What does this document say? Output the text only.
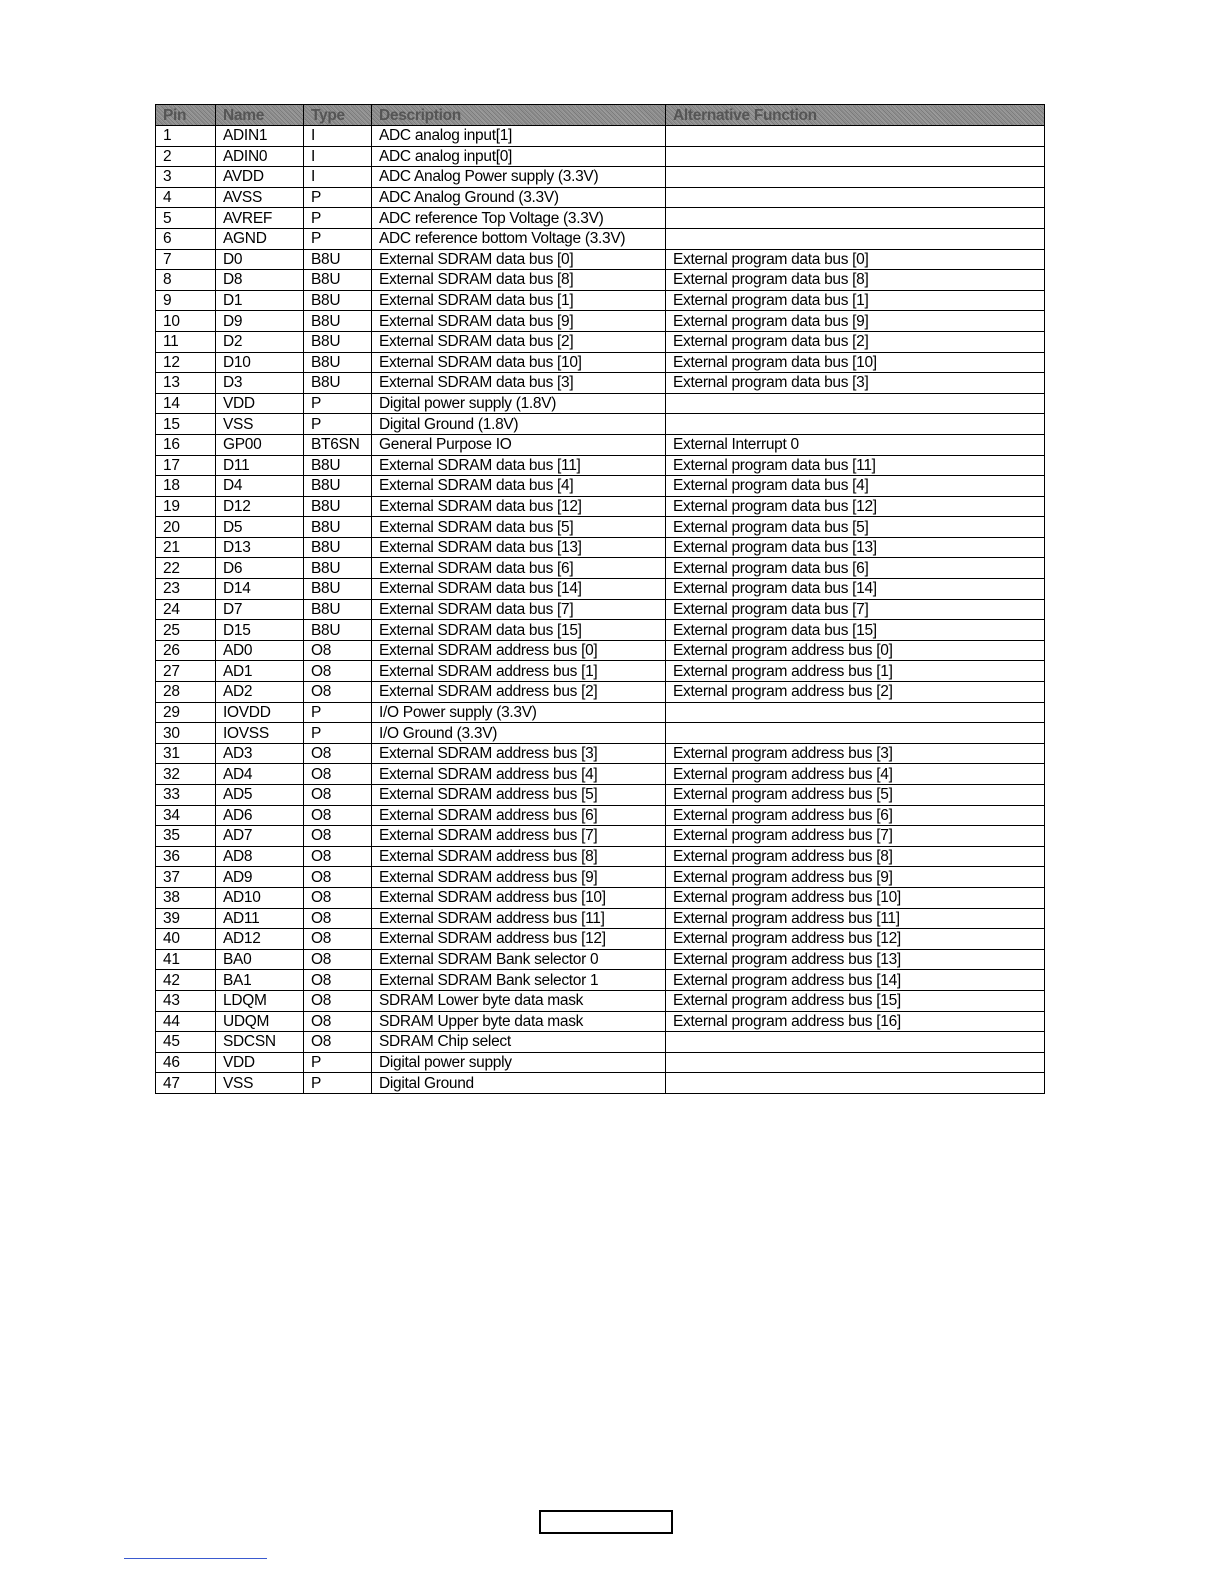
Pin	Name	Type	Description	Alternative Function
1	ADIN1	I	ADC analog input[1]	
2	ADIN0	I	ADC analog input[0]	
3	AVDD	I	ADC Analog Power supply (3.3V)	
4	AVSS	P	ADC Analog Ground (3.3V)	
5	AVREF	P	ADC reference Top Voltage (3.3V)	
6	AGND	P	ADC reference bottom Voltage (3.3V)	
7	D0	B8U	External SDRAM data bus [0]	External program data bus [0]
8	D8	B8U	External SDRAM data bus [8]	External program data bus [8]
9	D1	B8U	External SDRAM data bus [1]	External program data bus [1]
10	D9	B8U	External SDRAM data bus [9]	External program data bus [9]
11	D2	B8U	External SDRAM data bus [2]	External program data bus [2]
12	D10	B8U	External SDRAM data bus [10]	External program data bus [10]
13	D3	B8U	External SDRAM data bus [3]	External program data bus [3]
14	VDD	P	Digital power supply (1.8V)	
15	VSS	P	Digital Ground (1.8V)	
16	GP00	BT6SN	General Purpose IO	External Interrupt 0
17	D11	B8U	External SDRAM data bus [11]	External program data bus [11]
18	D4	B8U	External SDRAM data bus [4]	External program data bus [4]
19	D12	B8U	External SDRAM data bus [12]	External program data bus [12]
20	D5	B8U	External SDRAM data bus [5]	External program data bus [5]
21	D13	B8U	External SDRAM data bus [13]	External program data bus [13]
22	D6	B8U	External SDRAM data bus [6]	External program data bus [6]
23	D14	B8U	External SDRAM data bus [14]	External program data bus [14]
24	D7	B8U	External SDRAM data bus [7]	External program data bus [7]
25	D15	B8U	External SDRAM data bus [15]	External program data bus [15]
26	AD0	O8	External SDRAM address bus [0]	External program address bus [0]
27	AD1	O8	External SDRAM address bus [1]	External program address bus [1]
28	AD2	O8	External SDRAM address bus [2]	External program address bus [2]
29	IOVDD	P	I/O Power supply (3.3V)	
30	IOVSS	P	I/O Ground (3.3V)	
31	AD3	O8	External SDRAM address bus [3]	External program address bus [3]
32	AD4	O8	External SDRAM address bus [4]	External program address bus [4]
33	AD5	O8	External SDRAM address bus [5]	External program address bus [5]
34	AD6	O8	External SDRAM address bus [6]	External program address bus [6]
35	AD7	O8	External SDRAM address bus [7]	External program address bus [7]
36	AD8	O8	External SDRAM address bus [8]	External program address bus [8]
37	AD9	O8	External SDRAM address bus [9]	External program address bus [9]
38	AD10	O8	External SDRAM address bus [10]	External program address bus [10]
39	AD11	O8	External SDRAM address bus [11]	External program address bus [11]
40	AD12	O8	External SDRAM address bus [12]	External program address bus [12]
41	BA0	O8	External SDRAM Bank selector 0	External program address bus [13]
42	BA1	O8	External SDRAM Bank selector 1	External program address bus [14]
43	LDQM	O8	SDRAM Lower byte data mask	External program address bus [15]
44	UDQM	O8	SDRAM Upper byte data mask	External program address bus [16]
45	SDCSN	O8	SDRAM Chip select	
46	VDD	P	Digital power supply	
47	VSS	P	Digital Ground	
